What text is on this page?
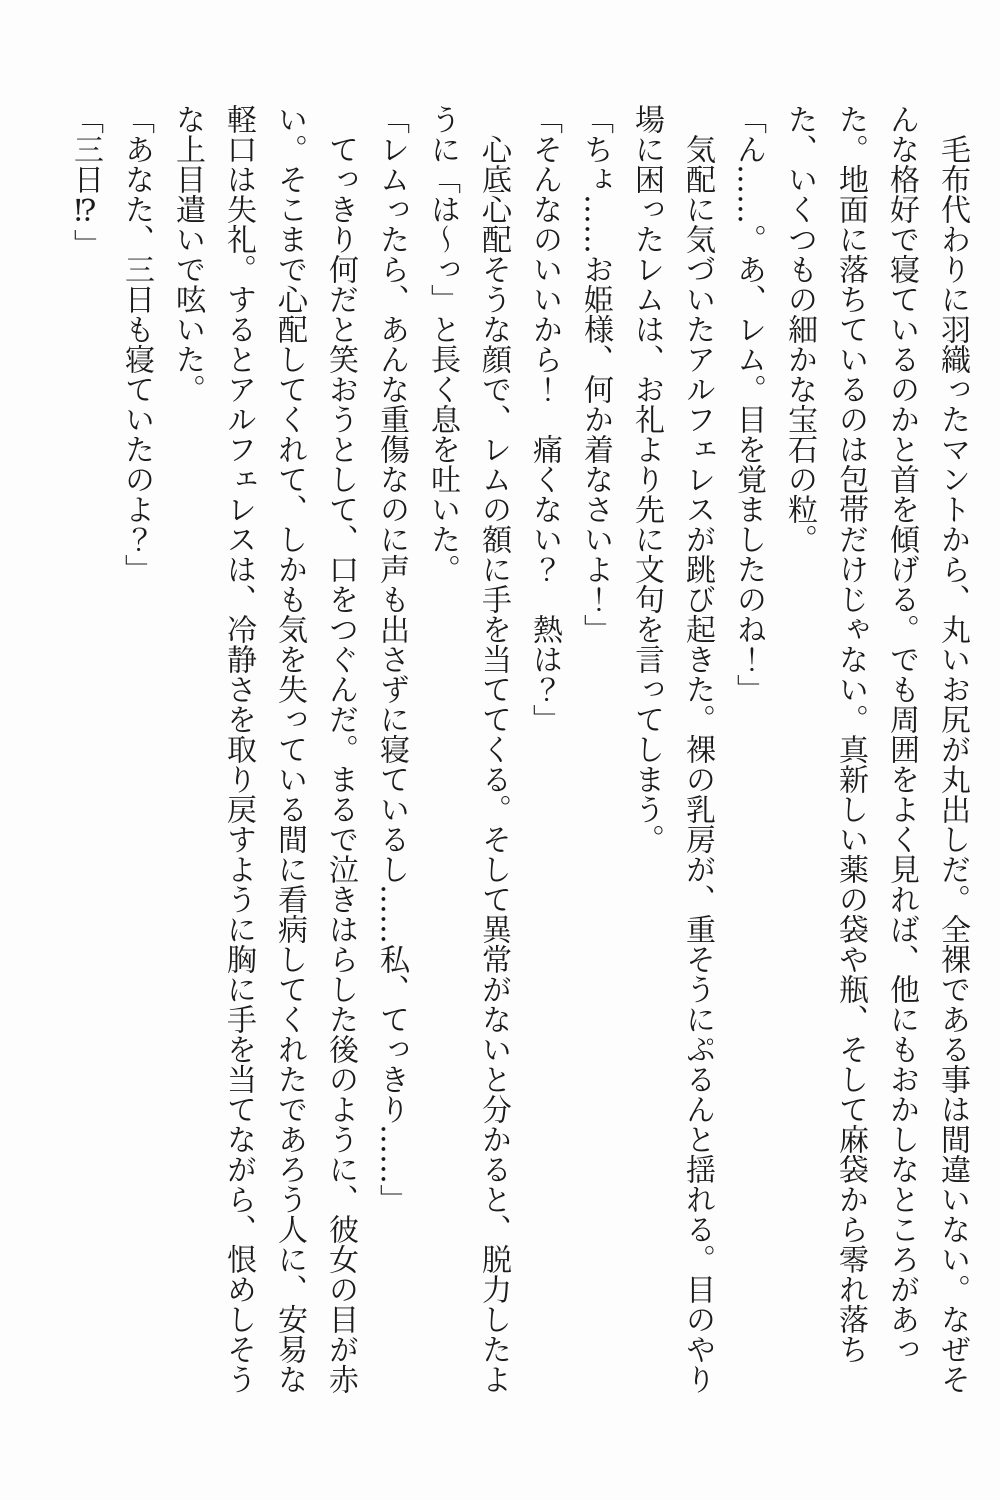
毛布代わりに羽織ったマントから、丸いお尻が丸出しだ。全裸である事は間違いない。なぜそんな格好で寝ているのかと首を傾げる。でも周囲をよく見れば、他にもおかしなところがあった。地面に落ちているのは包帯だけじゃない。真新しい薬の袋や瓶、そして麻袋から零れ落ちた、いくつもの細かな宝石の粒。

「ん……。あ、レム。目を覚ましたのね！」

気配に気づいたアルフェレスが跳び起きた。裸の乳房が、重そうにぷるんと揺れる。目のやり場に困ったレムは、お礼より先に文句を言ってしまう。

「ちょ……お姫様、何か着なさいよ！」

「そんなのいいから！　痛くない？　熱は？」

心底心配そうな顔で、レムの額に手を当ててくる。そして異常がないと分かると、脱力したように「は〜っ」と長く息を吐いた。

「レムったら、あんな重傷なのに声も出さずに寝ているし……私、てっきり……」

てっきり何だと笑おうとして、口をつぐんだ。まるで泣きはらした後のように、彼女の目が赤い。そこまで心配してくれて、しかも気を失っている間に看病してくれたであろう人に、安易な軽口は失礼。するとアルフェレスは、冷静さを取り戻すように胸に手を当てながら、恨めしそうな上目遣いで呟いた。

「あなた、三日も寝ていたのよ？」

「三日⁉」
